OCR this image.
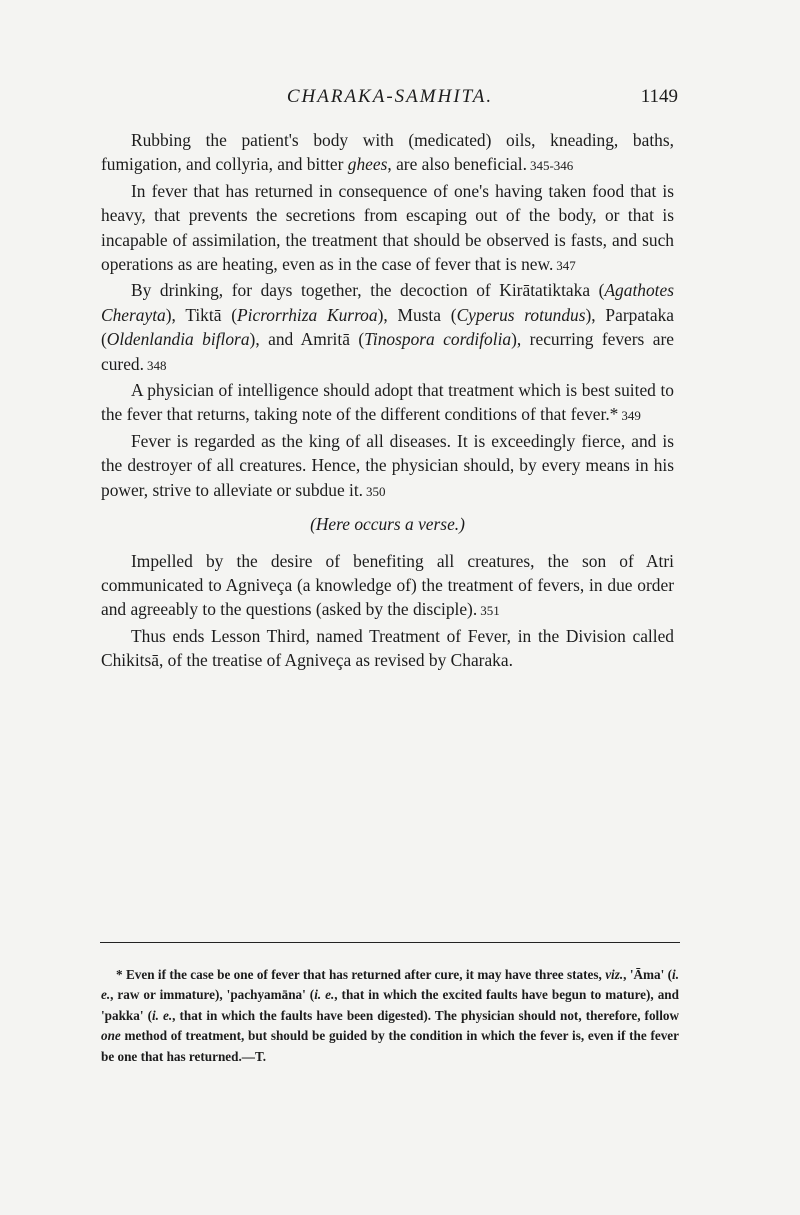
CHARAKA-SAMHITA.	1149

Rubbing the patient's body with (medicated) oils, kneading, baths, fumigation, and collyria, and bitter ghees, are also beneficial. 345-346

In fever that has returned in consequence of one's having taken food that is heavy, that prevents the secretions from escaping out of the body, or that is incapable of assimilation, the treatment that should be observed is fasts, and such operations as are heating, even as in the case of fever that is new. 347

By drinking, for days together, the decoction of Kirātatiktaka (Agathotes Cherayta), Tiktā (Picrorrhiza Kurroa), Musta (Cyperus rotundus), Parpataka (Oldenlandia biflora), and Amritā (Tinospora cordifolia), recurring fevers are cured. 348

A physician of intelligence should adopt that treatment which is best suited to the fever that returns, taking note of the different conditions of that fever.* 349

Fever is regarded as the king of all diseases. It is exceedingly fierce, and is the destroyer of all creatures. Hence, the physician should, by every means in his power, strive to alleviate or subdue it. 350

(Here occurs a verse.)

Impelled by the desire of benefiting all creatures, the son of Atri communicated to Agniveça (a knowledge of) the treatment of fevers, in due order and agreeably to the questions (asked by the disciple). 351

Thus ends Lesson Third, named Treatment of Fever, in the Division called Chikitsā, of the treatise of Agniveça as revised by Charaka.

* Even if the case be one of fever that has returned after cure, it may have three states, viz., 'Āma' (i. e., raw or immature), 'pachyamāna' (i. e., that in which the excited faults have begun to mature), and 'pakka' (i. e., that in which the faults have been digested). The physician should not, therefore, follow one method of treatment, but should be guided by the condition in which the fever is, even if the fever be one that has returned.—T.
